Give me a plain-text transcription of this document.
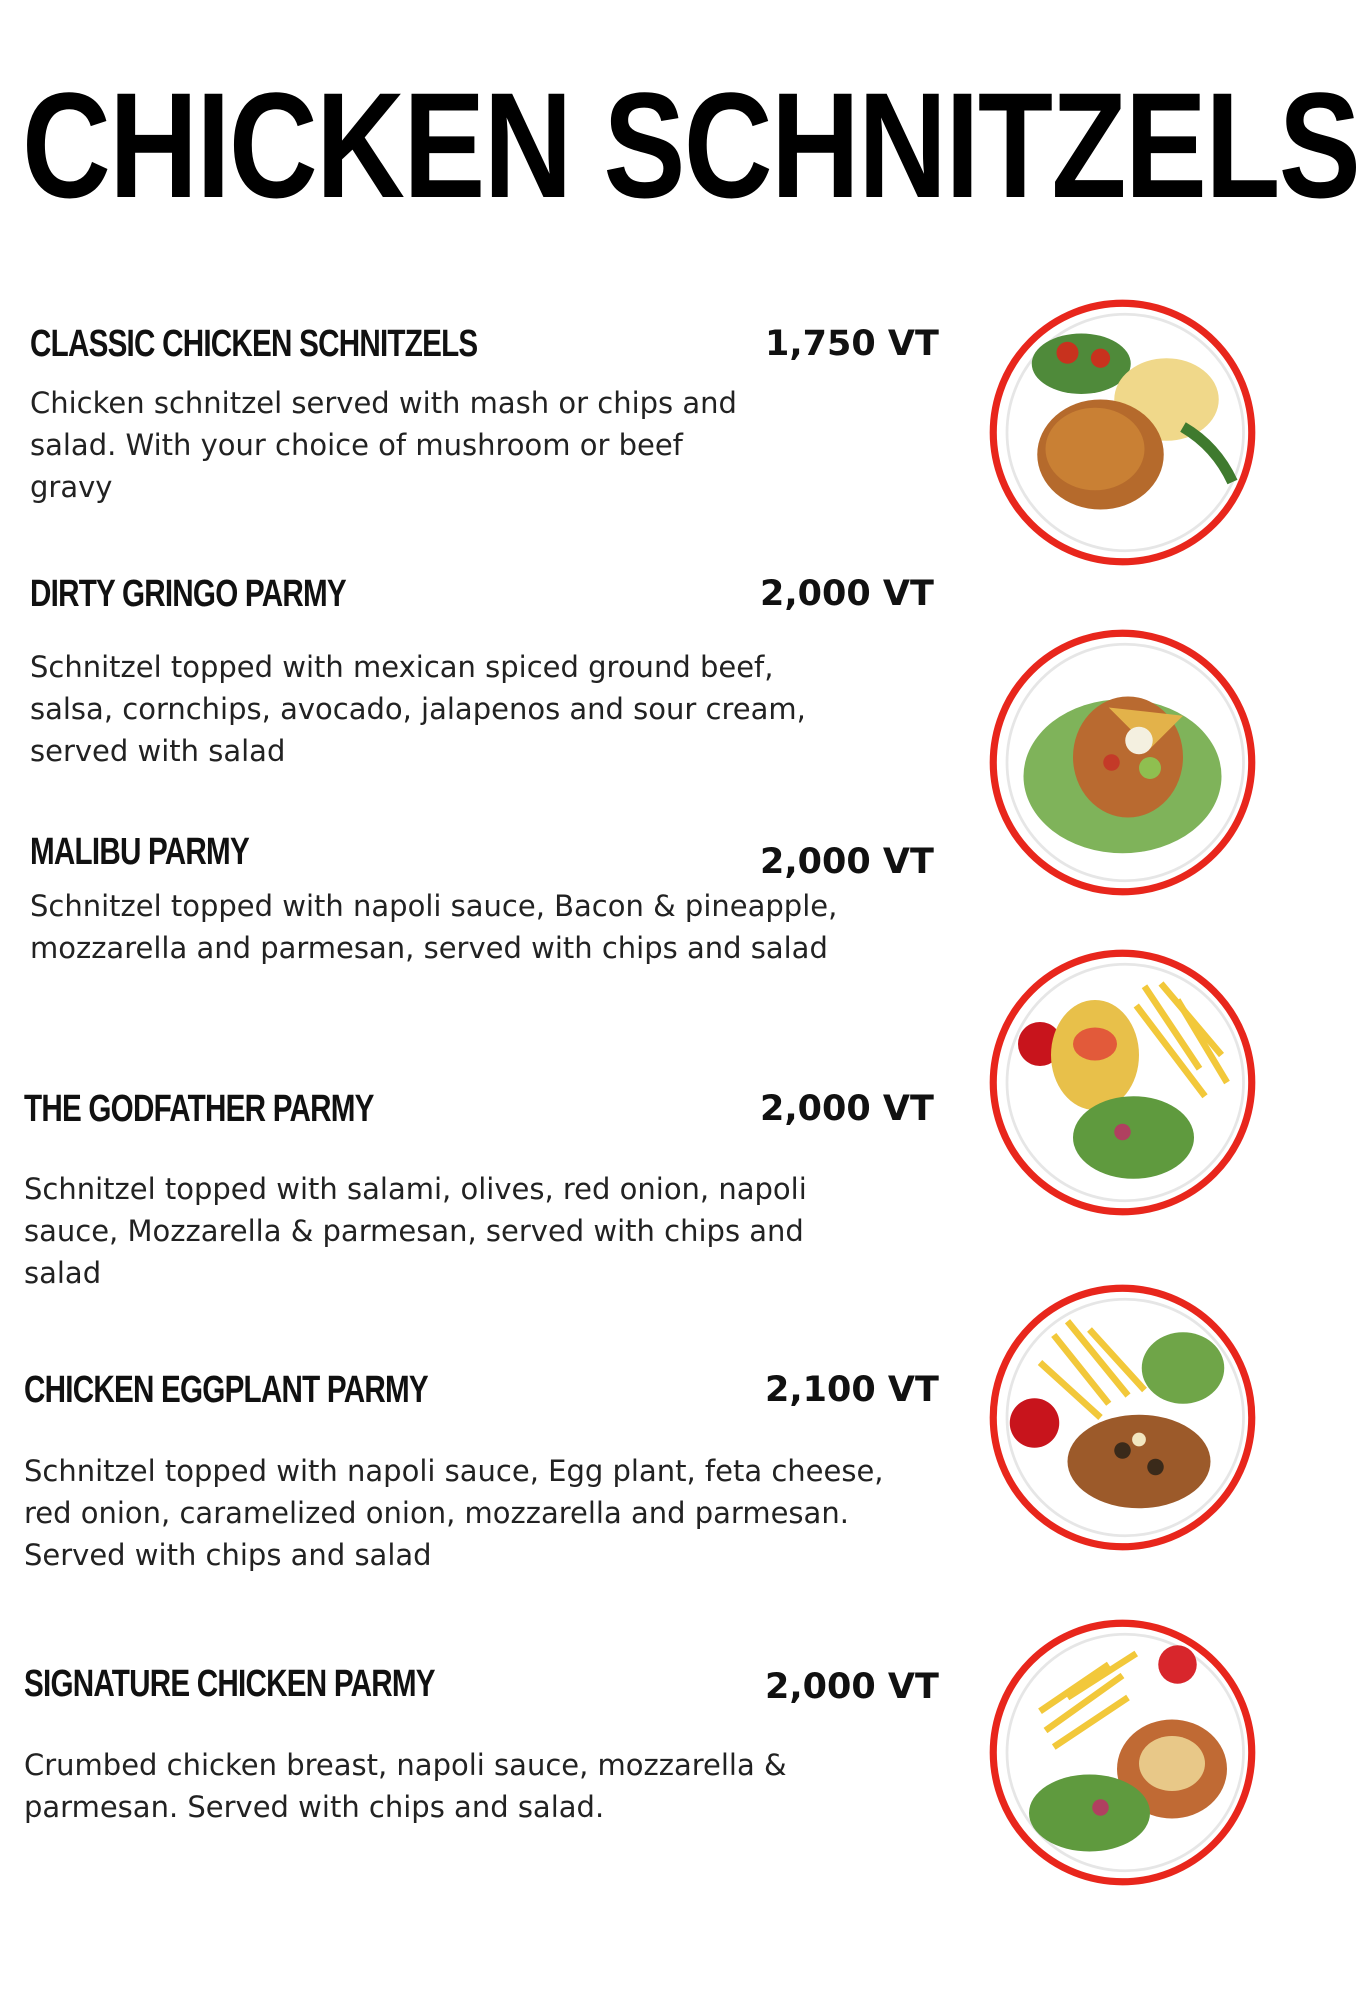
CHICKEN SCHNITZELS
CLASSIC CHICKEN SCHNITZELS	1,750 VT

Chicken schnitzel served with mash or chips and salad. With your choice of mushroom or beef gravy

DIRTY GRINGO PARMY	2,000 VT

Schnitzel topped with mexican spiced ground beef, salsa, cornchips, avocado, jalapenos and sour cream, served with salad

MALIBU PARMY	2,000 VT

Schnitzel topped with napoli sauce, Bacon & pineapple, mozzarella and parmesan, served with chips and salad

THE GODFATHER PARMY	2,000 VT

Schnitzel topped with salami, olives, red onion, napoli sauce, Mozzarella & parmesan, served with chips and salad

CHICKEN EGGPLANT PARMY	2,100 VT

Schnitzel topped with napoli sauce, Egg plant, feta cheese, red onion, caramelized onion, mozzarella and parmesan. Served with chips and salad

SIGNATURE CHICKEN PARMY	2,000 VT

Crumbed chicken breast, napoli sauce, mozzarella & parmesan. Served with chips and salad.
